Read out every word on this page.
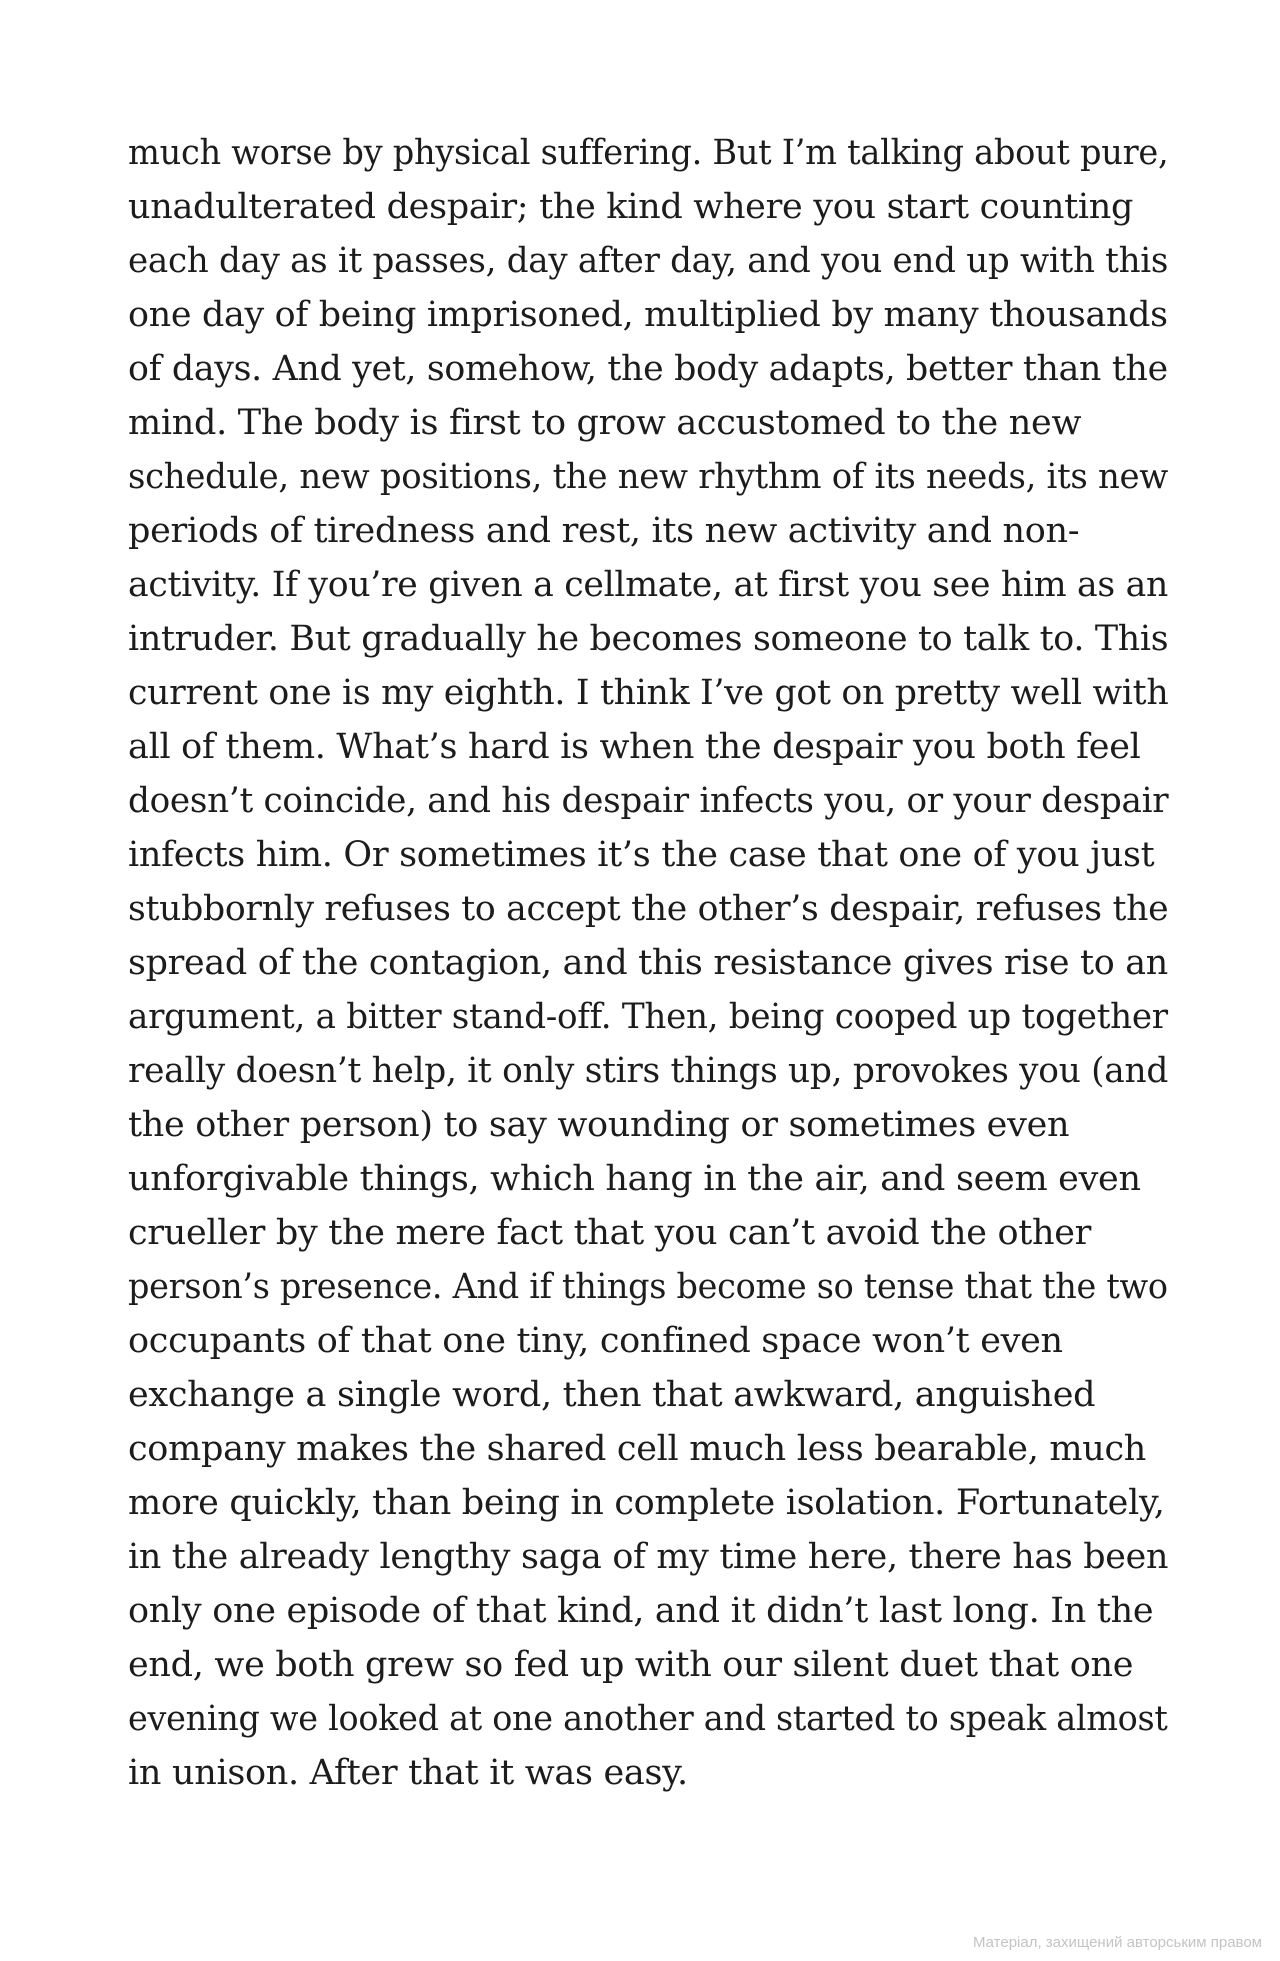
much worse by physical suffering. But I’m talking about pure,
unadulterated despair; the kind where you start counting
each day as it passes, day after day, and you end up with this
one day of being imprisoned, multiplied by many thousands
of days. And yet, somehow, the body adapts, better than the
mind. The body is first to grow accustomed to the new
schedule, new positions, the new rhythm of its needs, its new
periods of tiredness and rest, its new activity and non-
activity. If you’re given a cellmate, at first you see him as an
intruder. But gradually he becomes someone to talk to. This
current one is my eighth. I think I’ve got on pretty well with
all of them. What’s hard is when the despair you both feel
doesn’t coincide, and his despair infects you, or your despair
infects him. Or sometimes it’s the case that one of you just
stubbornly refuses to accept the other’s despair, refuses the
spread of the contagion, and this resistance gives rise to an
argument, a bitter stand-off. Then, being cooped up together
really doesn’t help, it only stirs things up, provokes you (and
the other person) to say wounding or sometimes even
unforgivable things, which hang in the air, and seem even
crueller by the mere fact that you can’t avoid the other
person’s presence. And if things become so tense that the two
occupants of that one tiny, confined space won’t even
exchange a single word, then that awkward, anguished
company makes the shared cell much less bearable, much
more quickly, than being in complete isolation. Fortunately,
in the already lengthy saga of my time here, there has been
only one episode of that kind, and it didn’t last long. In the
end, we both grew so fed up with our silent duet that one
evening we looked at one another and started to speak almost
in unison. After that it was easy.
Матеріал, захищений авторським правом
